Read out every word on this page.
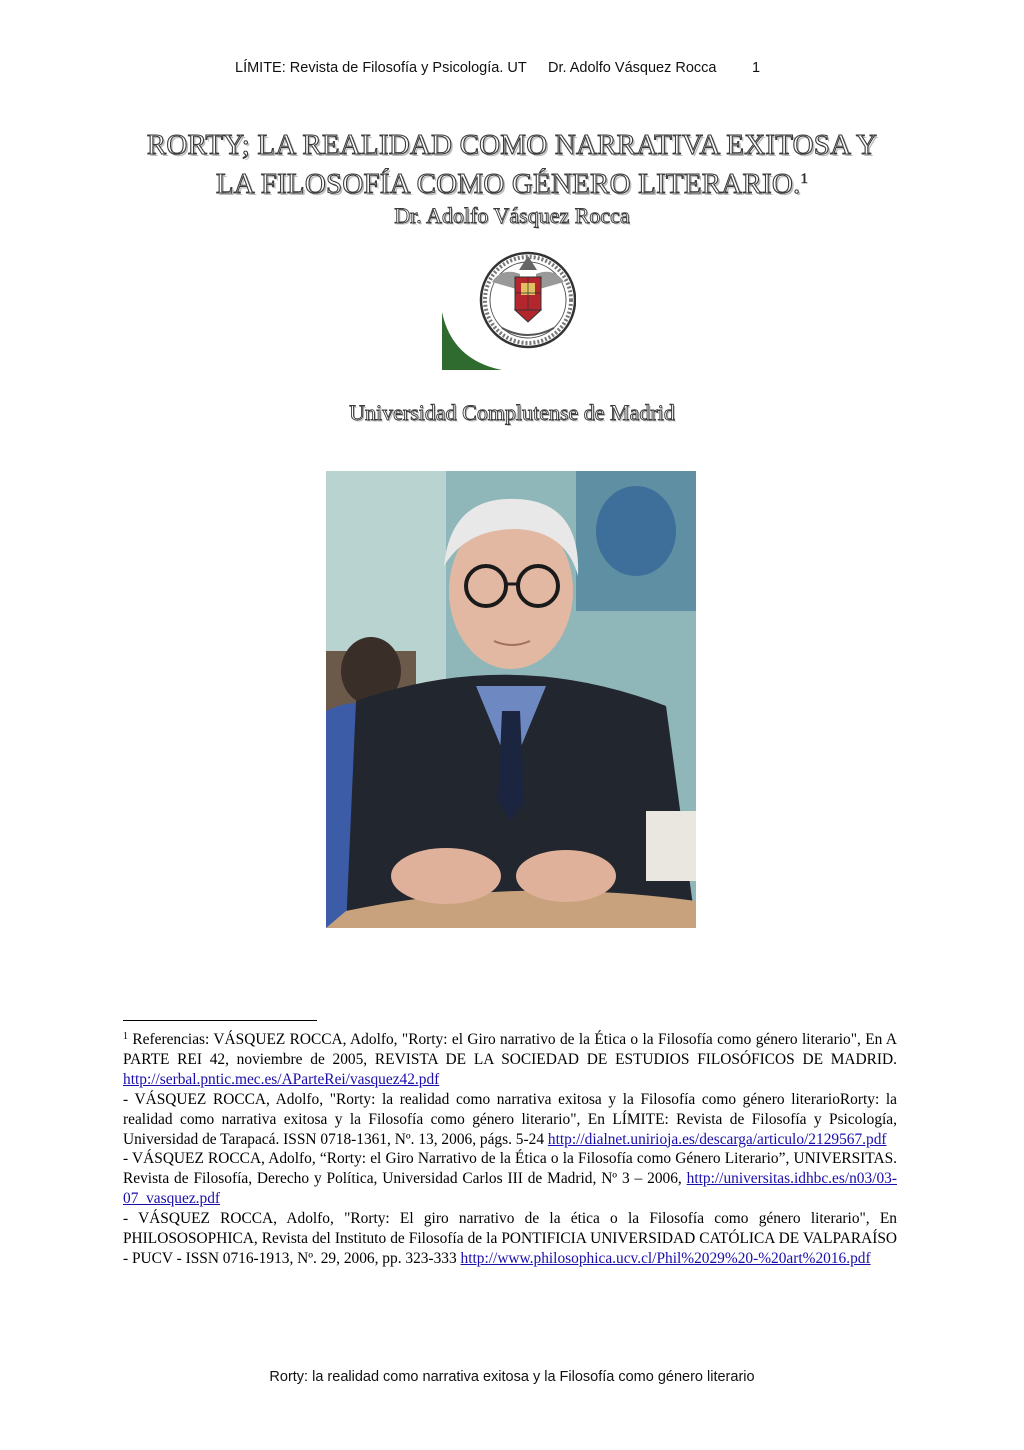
LÍMITE: Revista de Filosofía y Psicología. UT Dr. Adolfo Vásquez Rocca 1
RORTY; LA REALIDAD COMO NARRATIVA EXITOSA Y
LA FILOSOFÍA COMO GÉNERO LITERARIO.$^1$
Dr. Adolfo Vásquez Rocca
Universidad Complutense de Madrid

$^1$ Referencias: VÁSQUEZ ROCCA, Adolfo, "Rorty: el Giro narrativo de la Ética o la Filosofía como género literario", En A PARTE REI 42, noviembre de 2005, REVISTA DE LA SOCIEDAD DE ESTUDIOS FILOSÓFICOS DE MADRID. http://serbal.pntic.mec.es/AParteRei/vasquez42.pdf

- VÁSQUEZ ROCCA, Adolfo, "Rorty: la realidad como narrativa exitosa y la Filosofía como género literarioRorty: la realidad como narrativa exitosa y la Filosofía como género literario", En LÍMITE: Revista de Filosofía y Psicología, Universidad de Tarapacá. ISSN 0718-1361, Nº. 13, 2006, págs. 5-24 http://dialnet.unirioja.es/descarga/articulo/2129567.pdf

- VÁSQUEZ ROCCA, Adolfo, “Rorty: el Giro Narrativo de la Ética o la Filosofía como Género Literario”, UNIVERSITAS. Revista de Filosofía, Derecho y Política, Universidad Carlos III de Madrid, Nº 3 – 2006, http://universitas.idhbc.es/n03/03-07_vasquez.pdf

- VÁSQUEZ ROCCA, Adolfo, "Rorty: El giro narrativo de la ética o la Filosofía como género literario", En PHILOSOSOPHICA, Revista del Instituto de Filosofía de la PONTIFICIA UNIVERSIDAD CATÓLICA DE VALPARAÍSO - PUCV - ISSN 0716-1913, Nº. 29, 2006, pp. 323-333 http://www.philosophica.ucv.cl/Phil%2029%20-%20art%2016.pdf

Rorty: la realidad como narrativa exitosa y la Filosofía como género literario
